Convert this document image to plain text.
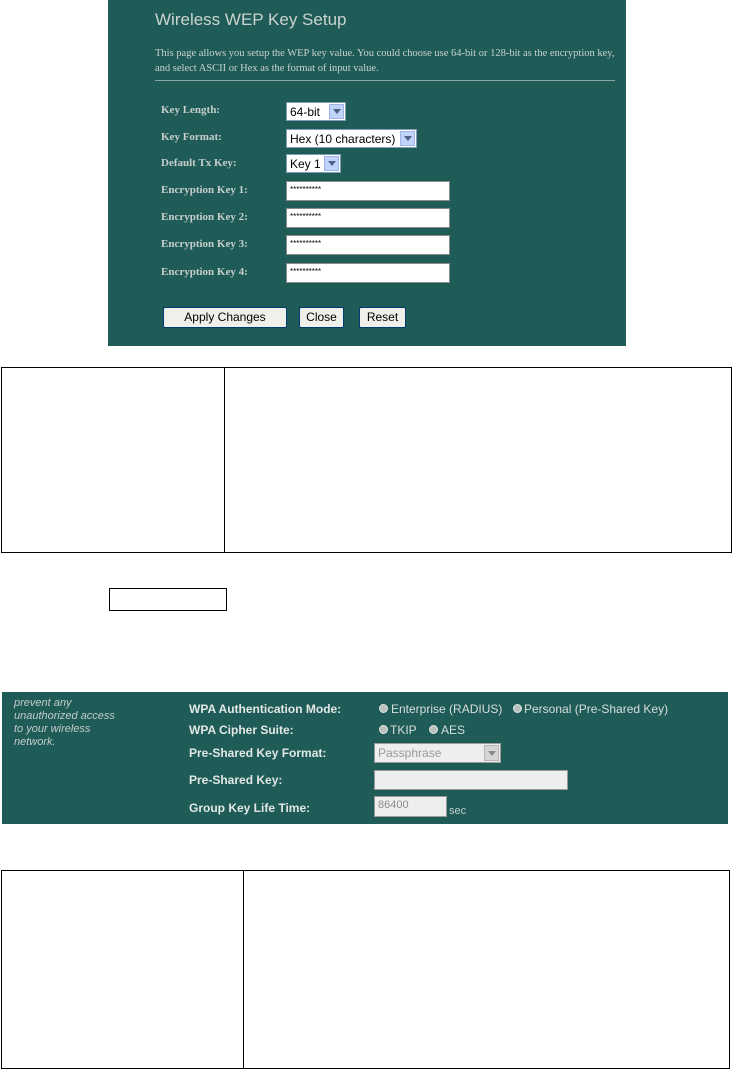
Wireless WEP Key Setup

This page allows you setup the WEP key value. You could choose use 64-bit or 128-bit as the encryption key, and select ASCII or Hex as the format of input value.

Key Length:	64-bit
Key Format:	Hex (10 characters)
Default Tx Key:	Key 1
Encryption Key 1:	**********
Encryption Key 2:	**********
Encryption Key 3:	**********
Encryption Key 4:	**********
Apply Changes	Close	Reset
prevent any
unauthorized access
to your wireless
network.
WPA Authentication Mode:	Enterprise (RADIUS) Personal (Pre-Shared Key)
WPA Cipher Suite:	TKIP AES
Pre-Shared Key Format:	Passphrase
Pre-Shared Key:
Group Key Life Time:	86400	sec
